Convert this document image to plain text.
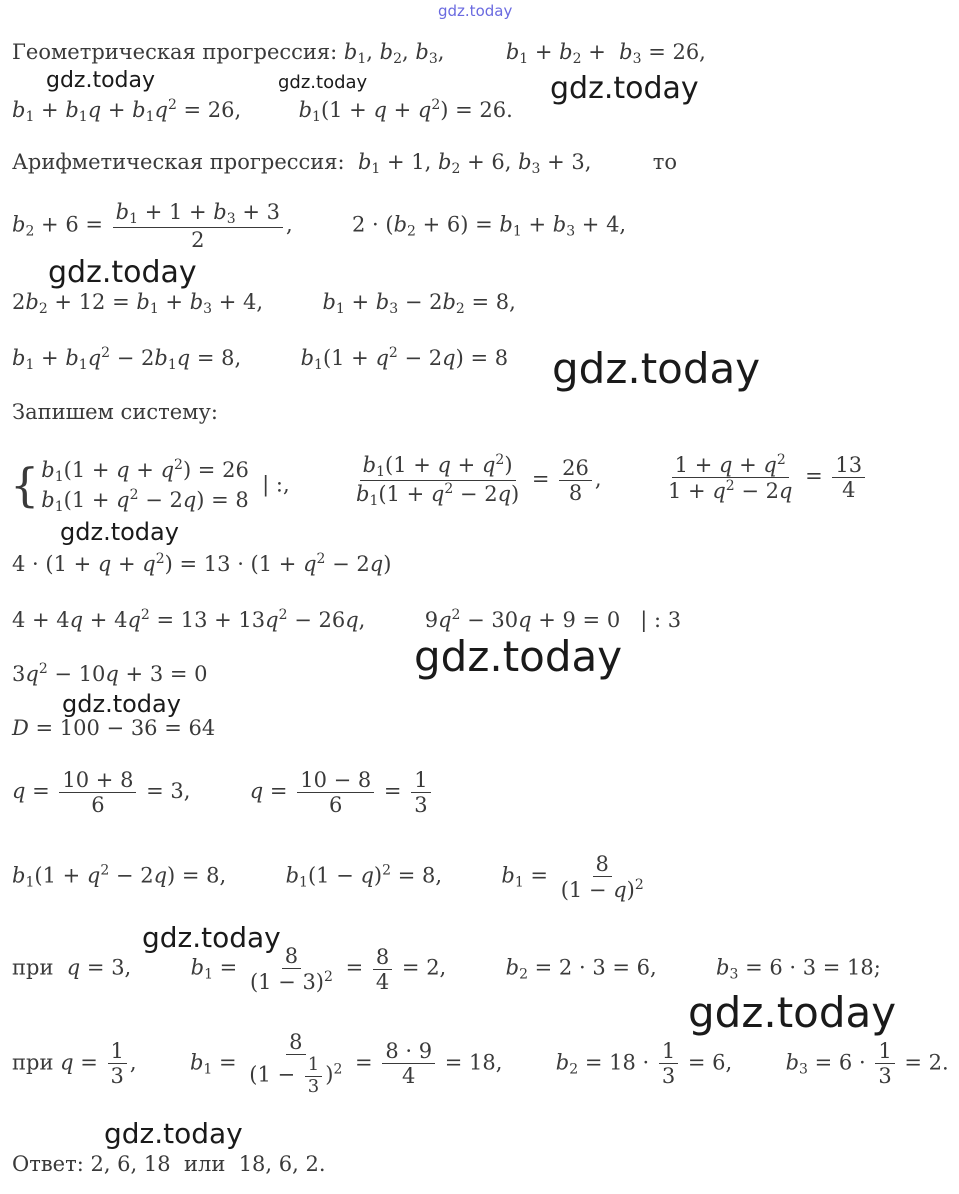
gdz.today
gdz.today	gdz.today	gdz.today
gdz.today
gdz.today
gdz.today
gdz.today
gdz.today
gdz.today
gdz.today
gdz.today
Геометрическая прогрессия: $b_1$, $b_2$, $b_3$,	$b_1 + b_2 + b_3 = 26$,
$b_1 + b_1q + b_1q^2 = 26$,  $b_1(1 + q + q^2) = 26$.
Арифметическая прогрессия: $b_1 + 1$, $b_2 + 6$, $b_3 + 3$,	то
$b_2 + 6 = \frac{b_1 + 1 + b_3 + 3}{2}$ ,  $2 \cdot (b_2 + 6) = b_1 + b_3 + 4$,
$2b_2 + 12 = b_1 + b_3 + 4$,	$b_1 + b_3 - 2b_2 = 8$,
$b_1 + b_1q^2 - 2b_1q = 8$,	$b_1(1 + q^2 - 2q) = 8$
Запишем систему:
{ $b_1(1 + q + q^2) = 26$
$b_1(1 + q^2 - 2q) = 8$
| :,	$\frac{b_1(1 + q + q^2)}{b_1(1 + q^2 - 2q)} = \frac{26}{8}$ ,	$\frac{1 + q + q^2}{1 + q^2 - 2q} = \frac{13}{4}$
$4 \cdot (1 + q + q^2) = 13 \cdot (1 + q^2 - 2q)$
$4 + 4q + 4q^2 = 13 + 13q^2 - 26q$,  $9q^2 - 30q + 9 = 0$   | : 3
$3q^2 - 10q + 3 = 0$
D = 100 − 36 = 64
$q = \frac{10 + 8}{6} = 3$,	$q = \frac{10 - 8}{6} = \frac{1}{3}$
$b_1(1 + q^2 - 2q) = 8$,	$b_1(1 - q)^2 = 8$,	$b_1 = \frac{8}{(1 - q)^2}$
при q = 3,	$b_1 = \frac{8}{(1 - 3)^2} = \frac{8}{4} = 2$,	$b_2 = 2 \cdot 3 = 6$,	$b_3 = 6 \cdot 3 = 18$;
при $q = \frac{1}{3}$ ,  $b_1 = \frac{8}{(1 - \frac{1}{3} )^2} = \frac{8 \cdot 9}{4} = 18$,  $b_2 = 18 \cdot \frac{1}{3} = 6$,  $b_3 = 6 \cdot \frac{1}{3} = 2$.
Ответ: 2, 6, 18 или 18, 6, 2.
